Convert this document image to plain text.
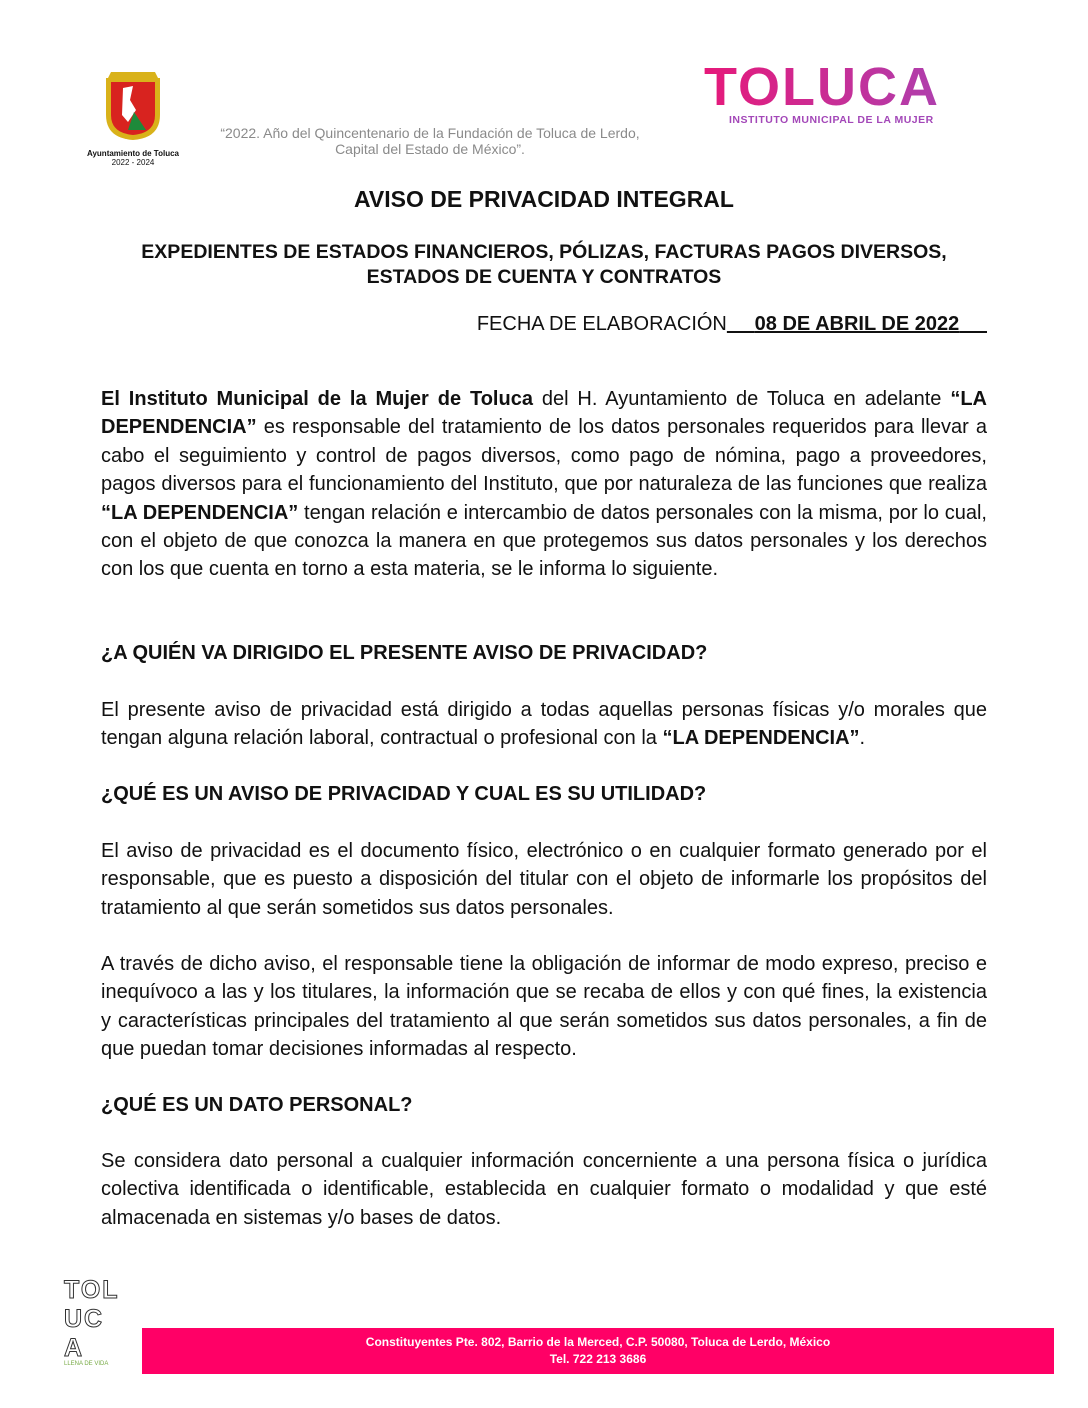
Ayuntamiento de Toluca
2022 - 2024
“2022. Año del Quincentenario de la Fundación de Toluca de Lerdo,
Capital del Estado de México”.
TOLUCA
INSTITUTO MUNICIPAL DE LA MUJER
AVISO DE PRIVACIDAD INTEGRAL
EXPEDIENTES DE ESTADOS FINANCIEROS, PÓLIZAS, FACTURAS PAGOS DIVERSOS,
ESTADOS DE CUENTA Y CONTRATOS
FECHA DE ELABORACIÓN 08 DE ABRIL DE 2022
El Instituto Municipal de la Mujer de Toluca del H. Ayuntamiento de Toluca en adelante “LA DEPENDENCIA” es responsable del tratamiento de los datos personales requeridos para llevar a cabo el seguimiento y control de pagos diversos, como pago de nómina, pago a proveedores, pagos diversos para el funcionamiento del Instituto, que por naturaleza de las funciones que realiza “LA DEPENDENCIA” tengan relación e intercambio de datos personales con la misma, por lo cual, con el objeto de que conozca la manera en que protegemos sus datos personales y los derechos con los que cuenta en torno a esta materia, se le informa lo siguiente.
¿A QUIÉN VA DIRIGIDO EL PRESENTE AVISO DE PRIVACIDAD?
El presente aviso de privacidad está dirigido a todas aquellas personas físicas y/o morales que tengan alguna relación laboral, contractual o profesional con la “LA DEPENDENCIA”.
¿QUÉ ES UN AVISO DE PRIVACIDAD Y CUAL ES SU UTILIDAD?
El aviso de privacidad es el documento físico, electrónico o en cualquier formato generado por el responsable, que es puesto a disposición del titular con el objeto de informarle los propósitos del tratamiento al que serán sometidos sus datos personales.
A través de dicho aviso, el responsable tiene la obligación de informar de modo expreso, preciso e inequívoco a las y los titulares, la información que se recaba de ellos y con qué fines, la existencia y características principales del tratamiento al que serán sometidos sus datos personales, a fin de que puedan tomar decisiones informadas al respecto.
¿QUÉ ES UN DATO PERSONAL?
Se considera dato personal a cualquier información concerniente a una persona física o jurídica colectiva identificada o identificable, establecida en cualquier formato o modalidad y que esté almacenada en sistemas y/o bases de datos.
TOLUCA
LLENA DE VIDA
Constituyentes Pte. 802, Barrio de la Merced, C.P. 50080, Toluca de Lerdo, México
Tel. 722 213 3686
